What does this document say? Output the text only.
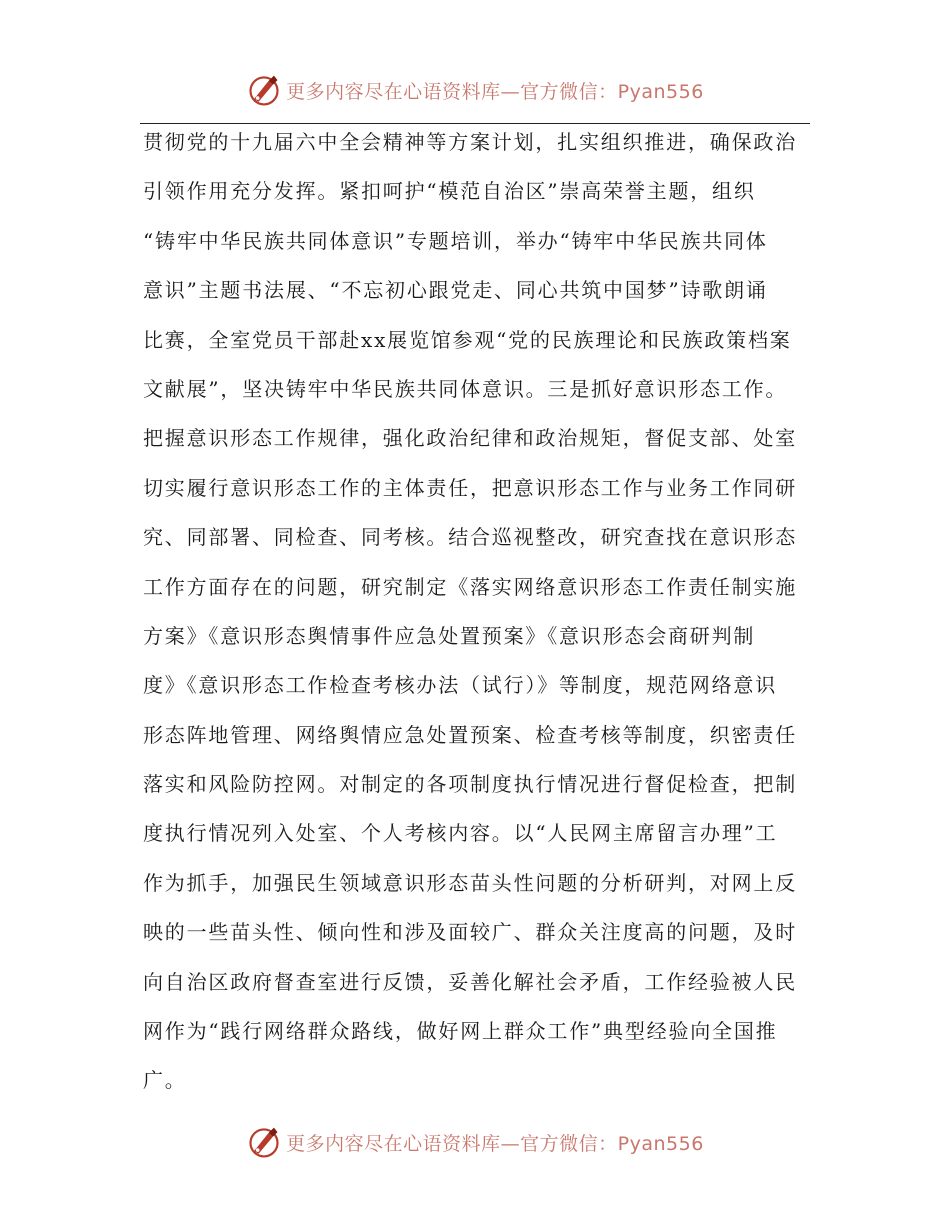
更多内容尽在心语资料库—官方微信：Pyan556
贯彻党的十九届六中全会精神等方案计划，扎实组织推进，确保政治
引领作用充分发挥。紧扣呵护“模范自治区”崇高荣誉主题，组织
“铸牢中华民族共同体意识”专题培训，举办“铸牢中华民族共同体
意识”主题书法展、“不忘初心跟党走、同心共筑中国梦”诗歌朗诵
比赛，全室党员干部赴xx展览馆参观“党的民族理论和民族政策档案
文献展”，坚决铸牢中华民族共同体意识。三是抓好意识形态工作。
把握意识形态工作规律，强化政治纪律和政治规矩，督促支部、处室
切实履行意识形态工作的主体责任，把意识形态工作与业务工作同研
究、同部署、同检查、同考核。结合巡视整改，研究查找在意识形态
工作方面存在的问题，研究制定《落实网络意识形态工作责任制实施
方案》《意识形态舆情事件应急处置预案》《意识形态会商研判制
度》《意识形态工作检查考核办法（试行）》等制度，规范网络意识
形态阵地管理、网络舆情应急处置预案、检查考核等制度，织密责任
落实和风险防控网。对制定的各项制度执行情况进行督促检查，把制
度执行情况列入处室、个人考核内容。以“人民网主席留言办理”工
作为抓手，加强民生领域意识形态苗头性问题的分析研判，对网上反
映的一些苗头性、倾向性和涉及面较广、群众关注度高的问题，及时
向自治区政府督查室进行反馈，妥善化解社会矛盾，工作经验被人民
网作为“践行网络群众路线，做好网上群众工作”典型经验向全国推
广。
更多内容尽在心语资料库—官方微信：Pyan556
